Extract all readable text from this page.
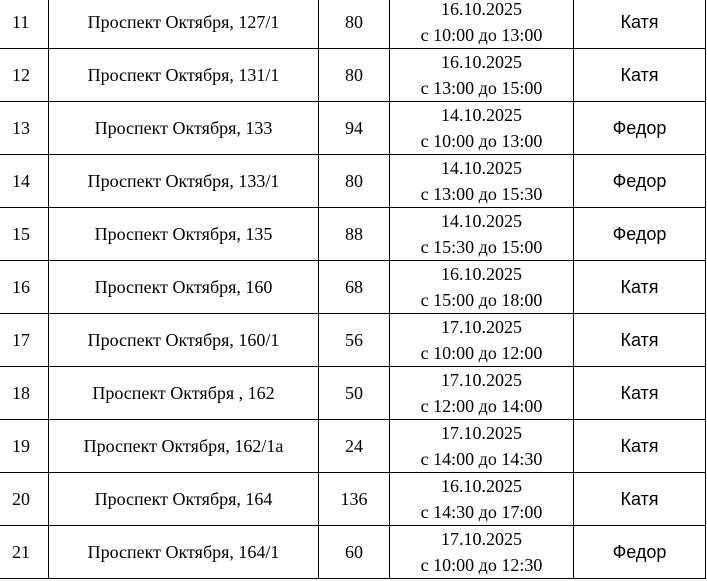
11	Проспект Октября, 127/1	80	16.10.2025
с 10:00 до 13:00	Катя
12	Проспект Октября, 131/1	80	16.10.2025
с 13:00 до 15:00	Катя
13	Проспект Октября, 133	94	14.10.2025
с 10:00 до 13:00	Федор
14	Проспект Октября, 133/1	80	14.10.2025
с 13:00 до 15:30	Федор
15	Проспект Октября, 135	88	14.10.2025
с 15:30 до 15:00	Федор
16	Проспект Октября, 160	68	16.10.2025
с 15:00 до 18:00	Катя
17	Проспект Октября, 160/1	56	17.10.2025
с 10:00 до 12:00	Катя
18	Проспект Октября , 162	50	17.10.2025
с 12:00 до 14:00	Катя
19	Проспект Октября, 162/1а	24	17.10.2025
с 14:00 до 14:30	Катя
20	Проспект Октября, 164	136	16.10.2025
с 14:30 до 17:00	Катя
21	Проспект Октября, 164/1	60	17.10.2025
с 10:00 до 12:30	Федор
